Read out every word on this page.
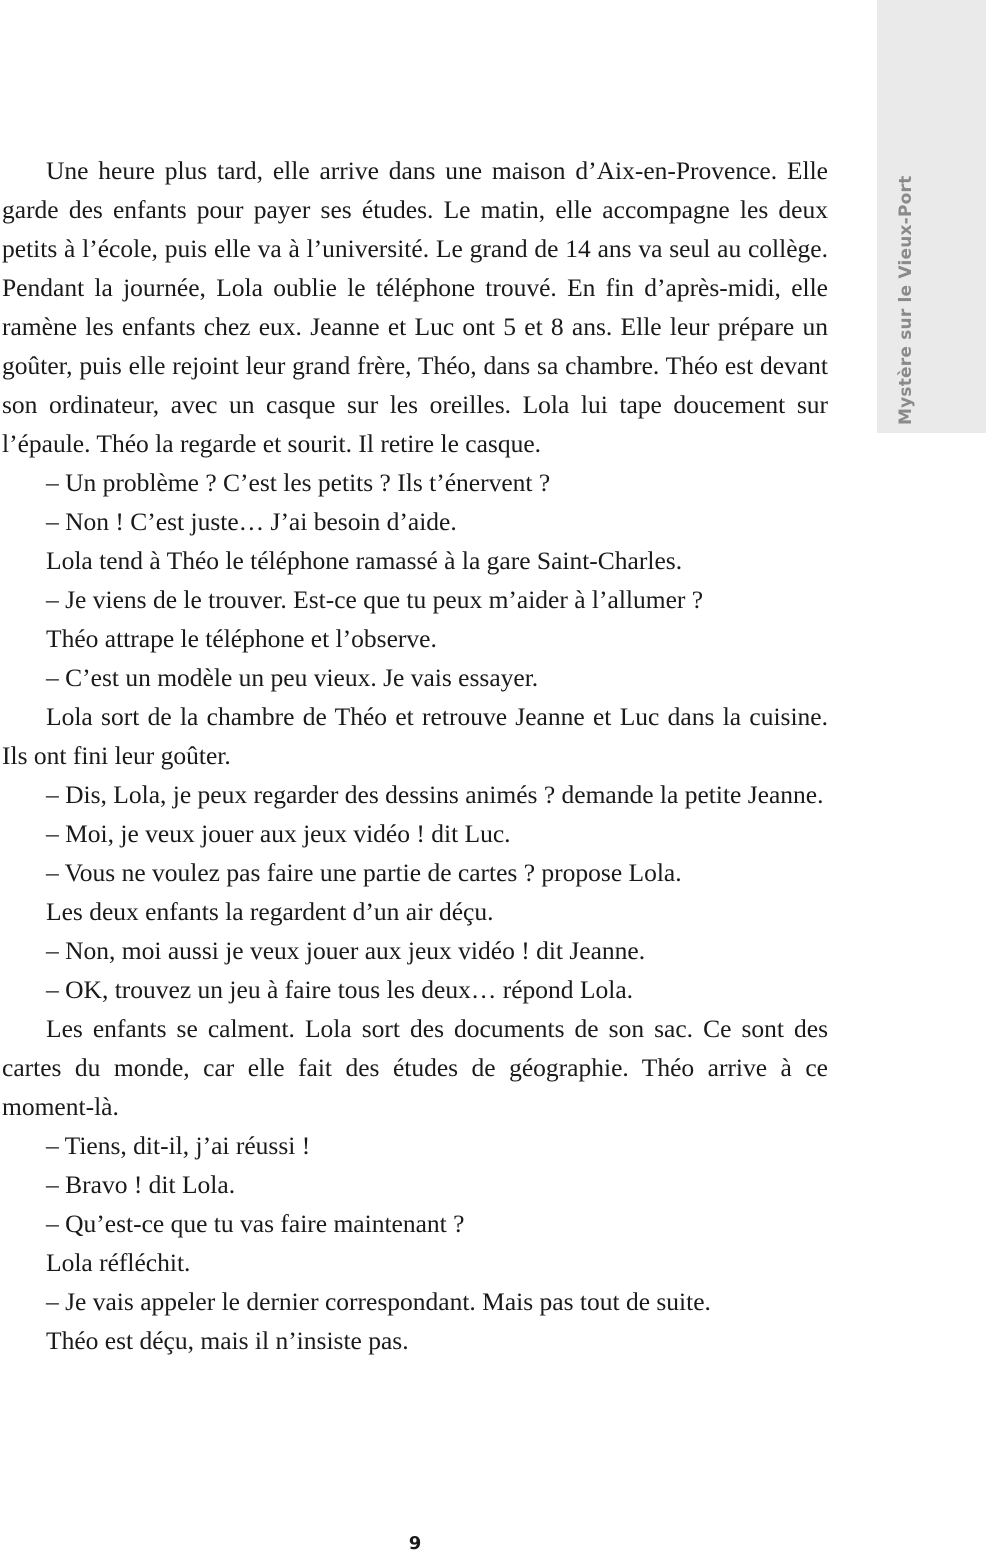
Mystère sur le Vieux-Port

Une heure plus tard, elle arrive dans une maison d’Aix-en-Provence. Elle garde des enfants pour payer ses études. Le matin, elle accompagne les deux petits à l’école, puis elle va à l’université. Le grand de 14 ans va seul au collège. Pendant la journée, Lola oublie le téléphone trouvé. En fin d’après-midi, elle ramène les enfants chez eux. Jeanne et Luc ont 5 et 8 ans. Elle leur prépare un goûter, puis elle rejoint leur grand frère, Théo, dans sa chambre. Théo est devant son ordinateur, avec un casque sur les oreilles. Lola lui tape doucement sur l’épaule. Théo la regarde et sourit. Il retire le casque.

– Un problème ? C’est les petits ? Ils t’énervent ?

– Non ! C’est juste… J’ai besoin d’aide.

Lola tend à Théo le téléphone ramassé à la gare Saint-Charles.

– Je viens de le trouver. Est-ce que tu peux m’aider à l’allumer ?

Théo attrape le téléphone et l’observe.

– C’est un modèle un peu vieux. Je vais essayer.

Lola sort de la chambre de Théo et retrouve Jeanne et Luc dans la cuisine. Ils ont fini leur goûter.

– Dis, Lola, je peux regarder des dessins animés ? demande la petite Jeanne.

– Moi, je veux jouer aux jeux vidéo ! dit Luc.

– Vous ne voulez pas faire une partie de cartes ? propose Lola.

Les deux enfants la regardent d’un air déçu.

– Non, moi aussi je veux jouer aux jeux vidéo ! dit Jeanne.

– OK, trouvez un jeu à faire tous les deux… répond Lola.

Les enfants se calment. Lola sort des documents de son sac. Ce sont des cartes du monde, car elle fait des études de géographie. Théo arrive à ce moment-là.

– Tiens, dit-il, j’ai réussi !

– Bravo ! dit Lola.

– Qu’est-ce que tu vas faire maintenant ?

Lola réfléchit.

– Je vais appeler le dernier correspondant. Mais pas tout de suite.

Théo est déçu, mais il n’insiste pas.

9
